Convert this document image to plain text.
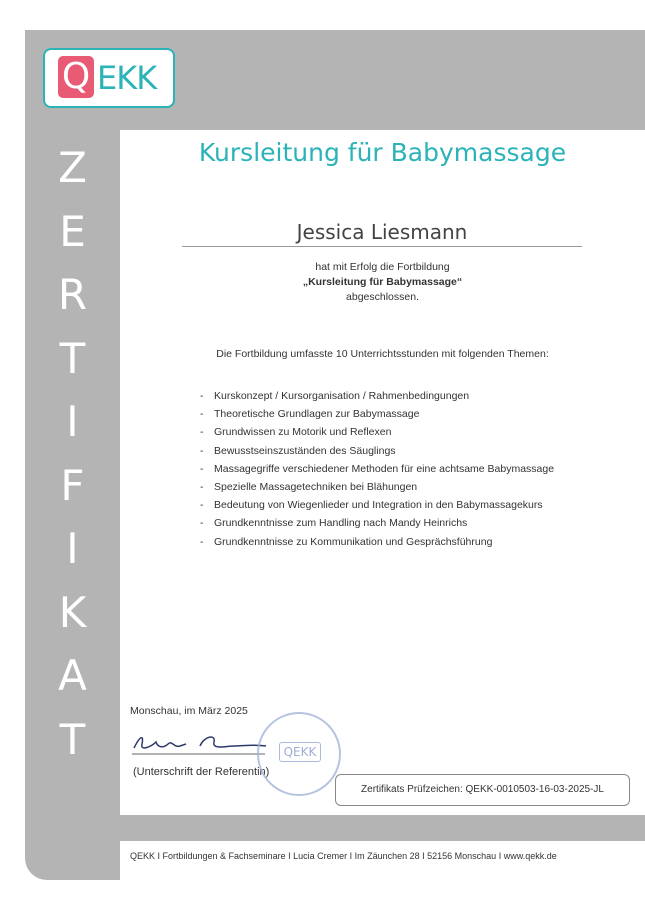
Q EKK
Z
E
R
T
I
F
I
K
A
T
Kursleitung für Babymassage
Jessica Liesmann
hat mit Erfolg die Fortbildung
„Kursleitung für Babymassage“
abgeschlossen.
Die Fortbildung umfasste 10 Unterrichtsstunden mit folgenden Themen:
- Kurskonzept / Kursorganisation / Rahmenbedingungen
- Theoretische Grundlagen zur Babymassage
- Grundwissen zu Motorik und Reflexen
- Bewusstseinszuständen des Säuglings
- Massagegriffe verschiedener Methoden für eine achtsame Babymassage
- Spezielle Massagetechniken bei Blähungen
- Bedeutung von Wiegenlieder und Integration in den Babymassagekurs
- Grundkenntnisse zum Handling nach Mandy Heinrichs
- Grundkenntnisse zu Kommunikation und Gesprächsführung
Monschau, im März 2025
(Unterschrift der Referentin)
QEKK
Zertifikats Prüfzeichen: QEKK-0010503-16-03-2025-JL
QEKK I Fortbildungen & Fachseminare I Lucia Cremer I Im Zäunchen 28 I 52156 Monschau I www.qekk.de
